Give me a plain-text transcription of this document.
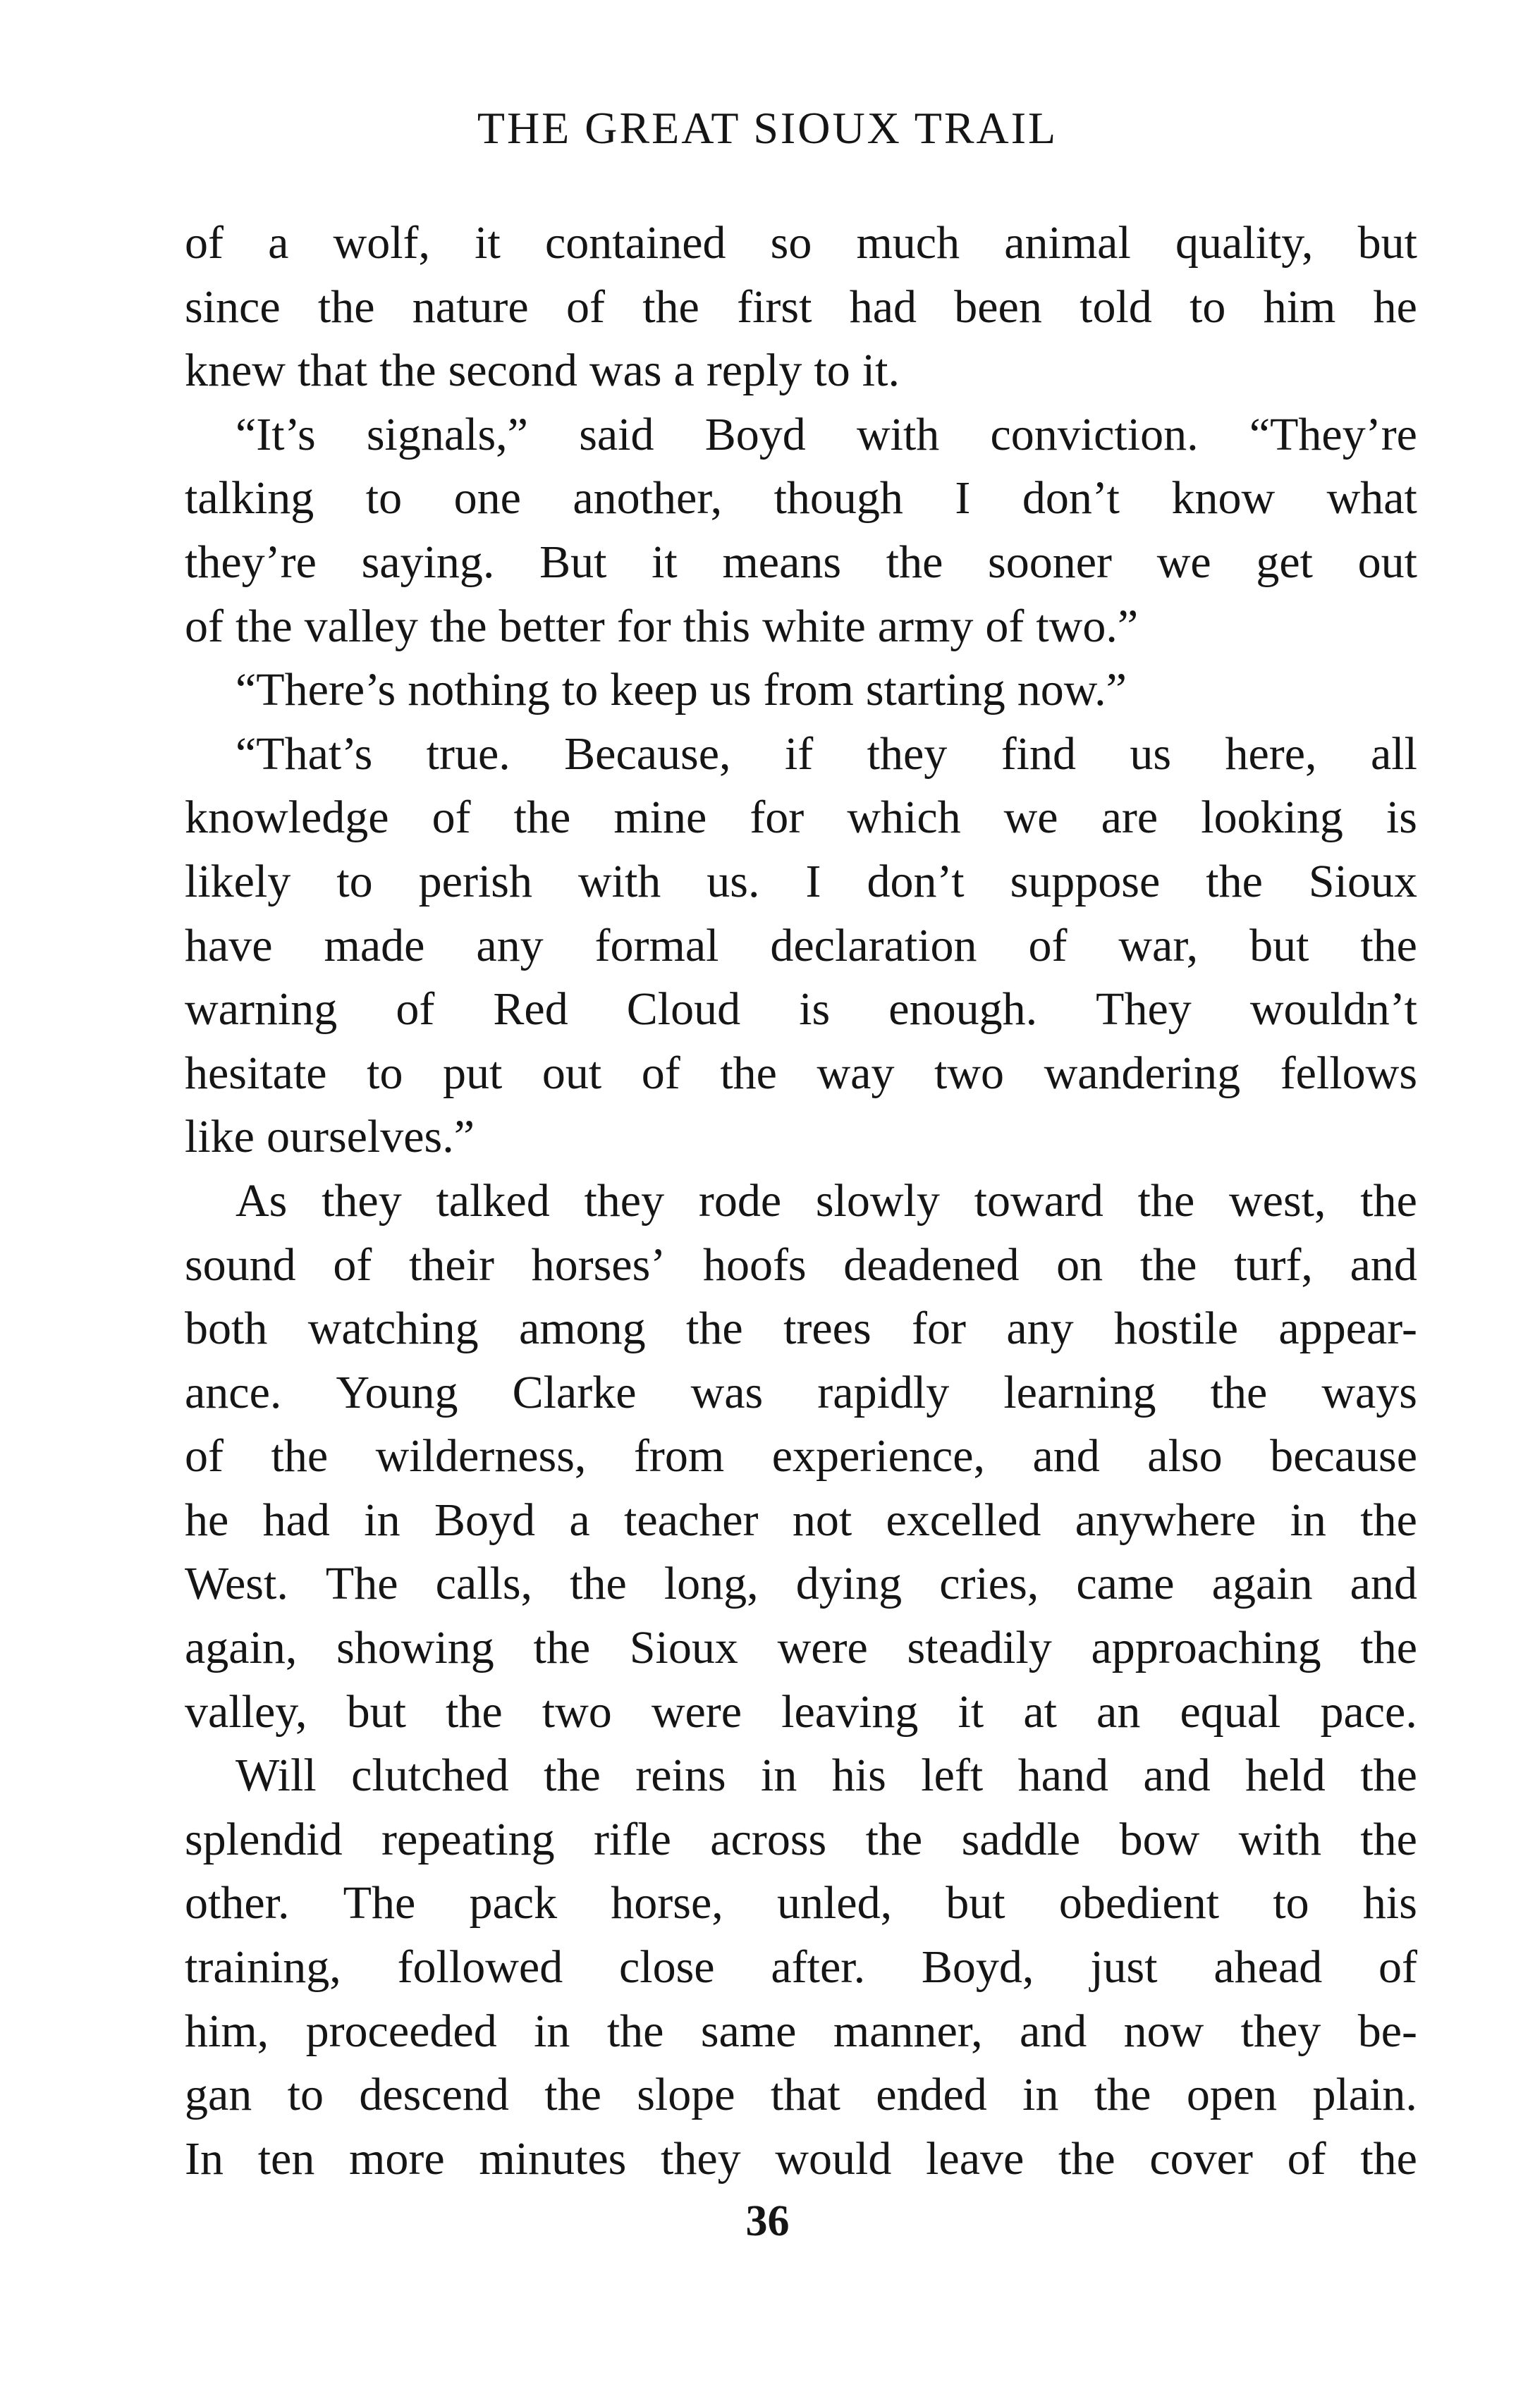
THE GREAT SIOUX TRAIL
of a wolf, it contained so much animal quality, but
since the nature of the first had been told to him he
knew that the second was a reply to it.
“It’s signals,” said Boyd with conviction. “They’re
talking to one another, though I don’t know what
they’re saying. But it means the sooner we get out
of the valley the better for this white army of two.”
“There’s nothing to keep us from starting now.”
“That’s true. Because, if they find us here, all
knowledge of the mine for which we are looking is
likely to perish with us. I don’t suppose the Sioux
have made any formal declaration of war, but the
warning of Red Cloud is enough. They wouldn’t
hesitate to put out of the way two wandering fellows
like ourselves.”
As they talked they rode slowly toward the west, the
sound of their horses’ hoofs deadened on the turf, and
both watching among the trees for any hostile appear-
ance. Young Clarke was rapidly learning the ways
of the wilderness, from experience, and also because
he had in Boyd a teacher not excelled anywhere in the
West. The calls, the long, dying cries, came again and
again, showing the Sioux were steadily approaching the
valley, but the two were leaving it at an equal pace.
Will clutched the reins in his left hand and held the
splendid repeating rifle across the saddle bow with the
other. The pack horse, unled, but obedient to his
training, followed close after. Boyd, just ahead of
him, proceeded in the same manner, and now they be-
gan to descend the slope that ended in the open plain.
In ten more minutes they would leave the cover of the
36
